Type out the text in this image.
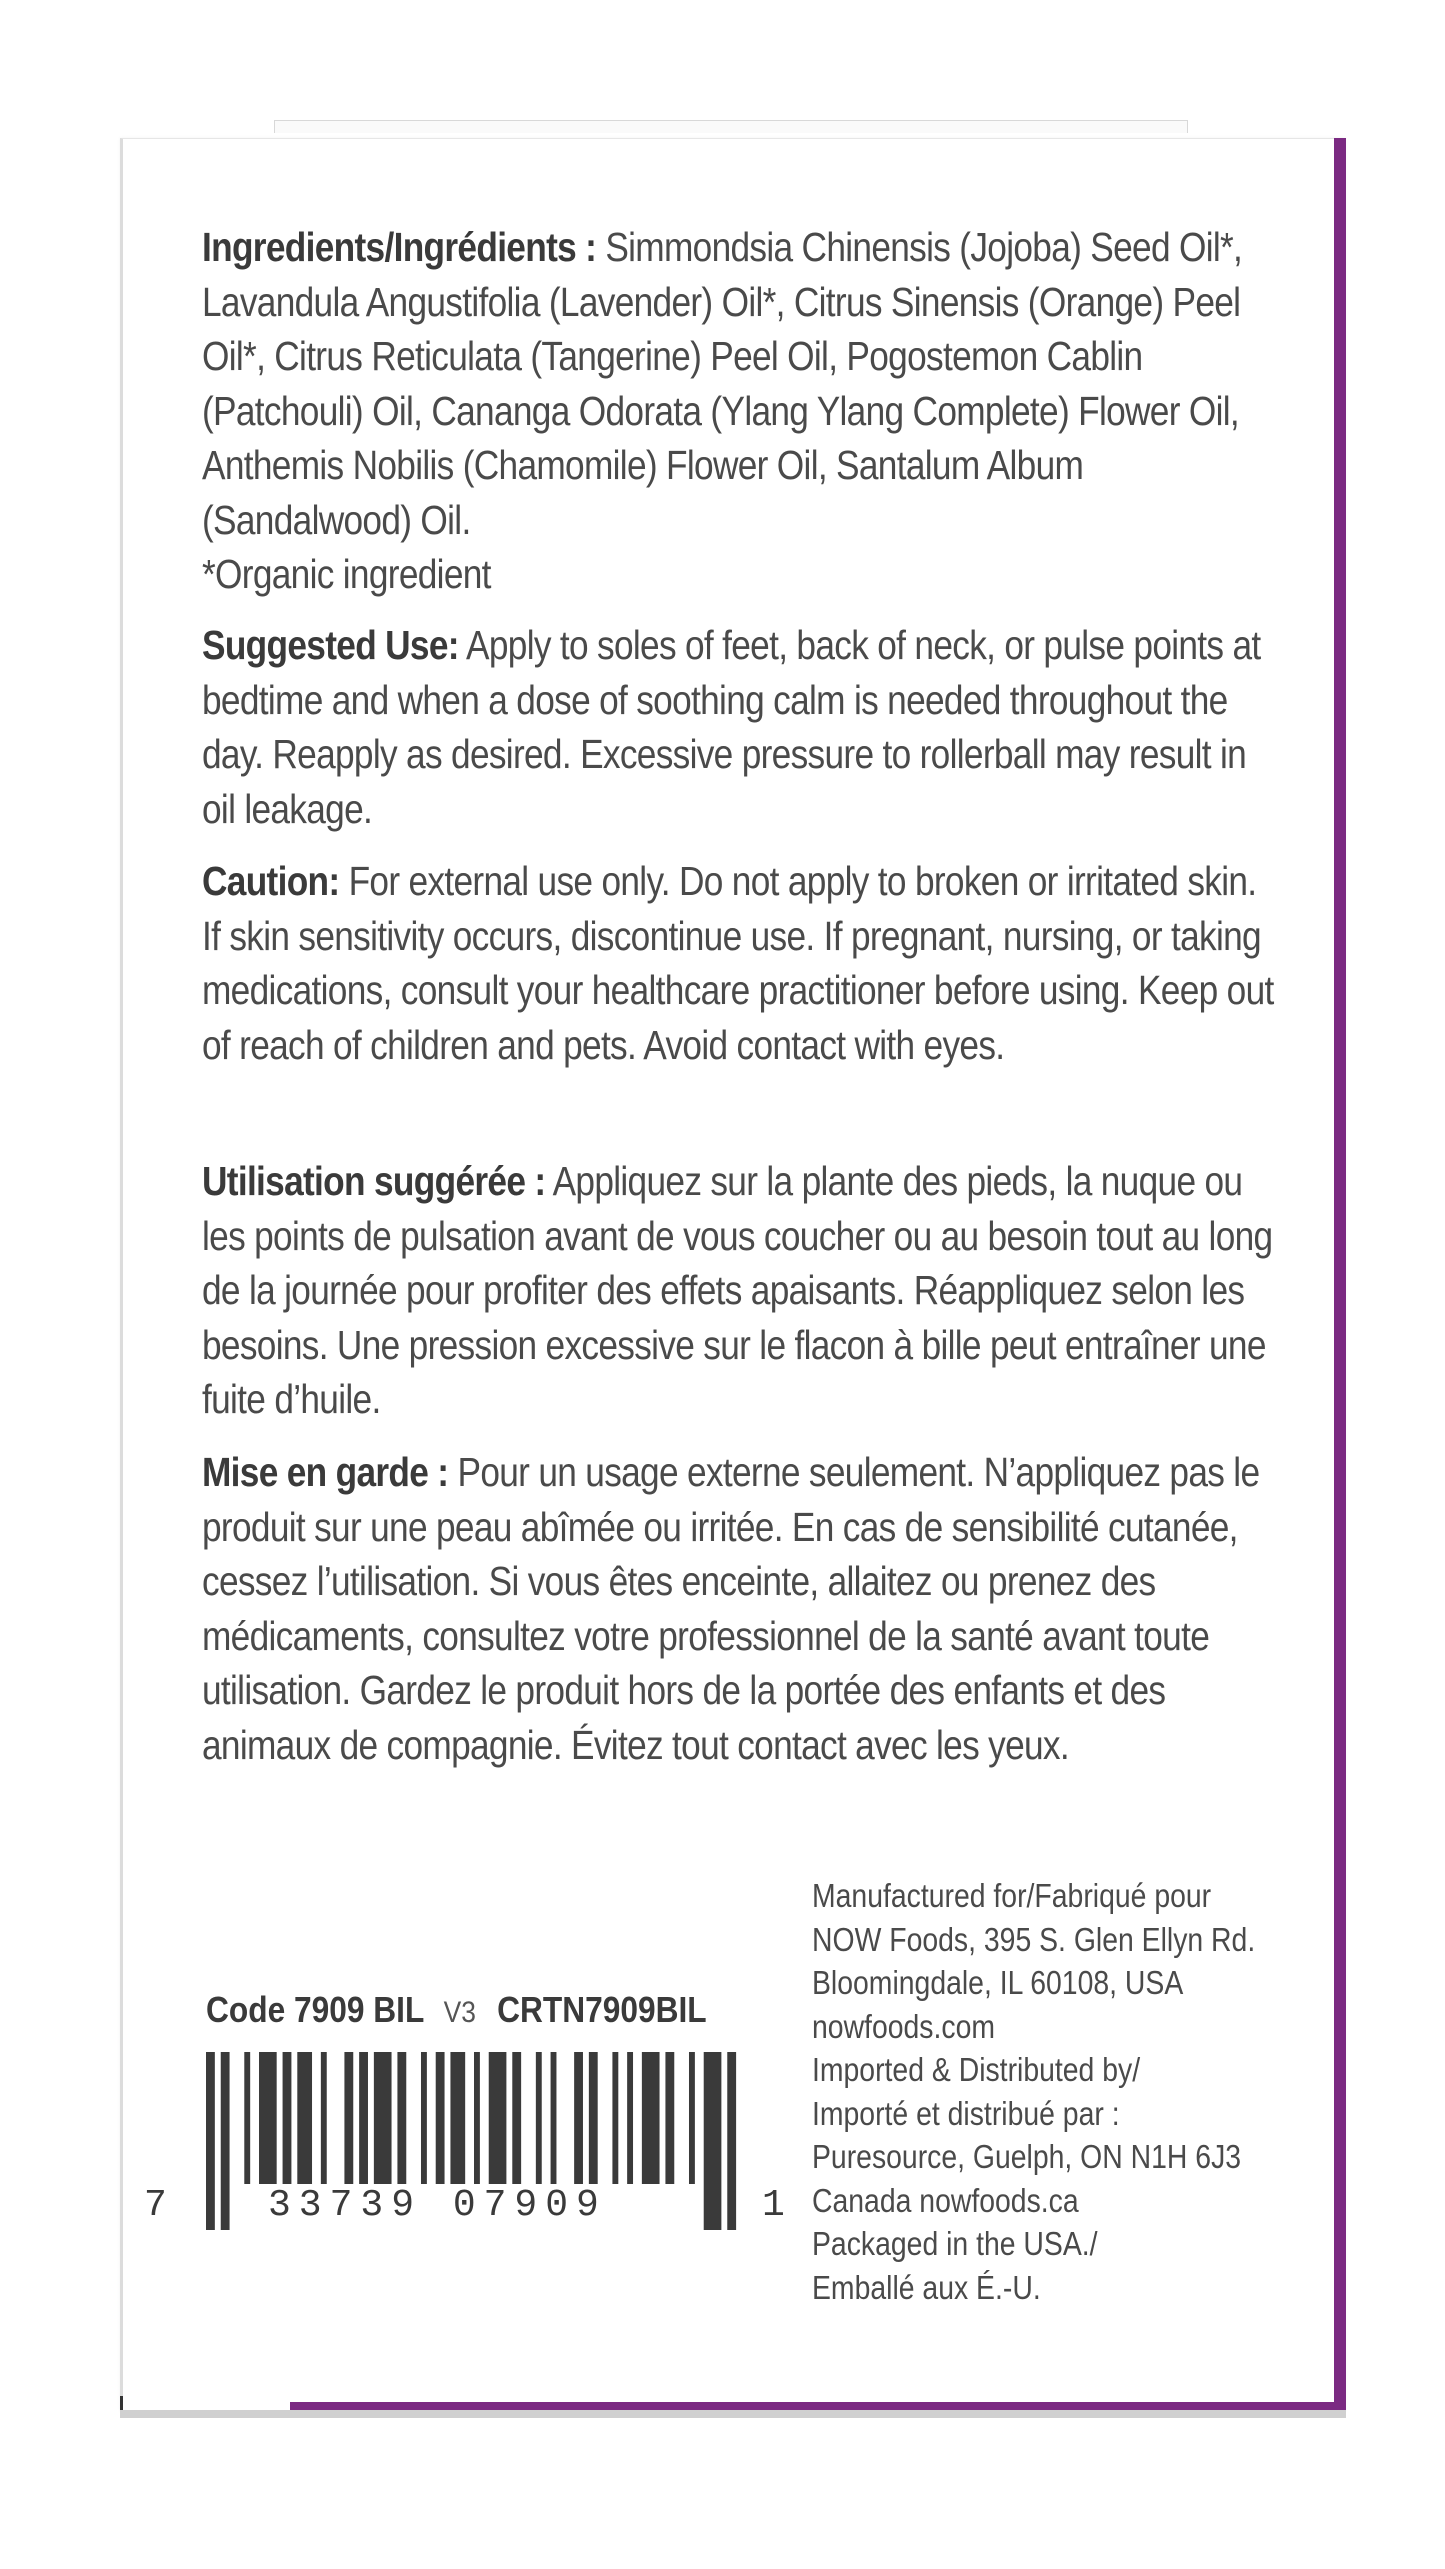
Ingredients/Ingrédients : Simmondsia Chinensis (Jojoba) Seed Oil*, Lavandula Angustifolia (Lavender) Oil*, Citrus Sinensis (Orange) Peel Oil*, Citrus Reticulata (Tangerine) Peel Oil, Pogostemon Cablin (Patchouli) Oil, Cananga Odorata (Ylang Ylang Complete) Flower Oil, Anthemis Nobilis (Chamomile) Flower Oil, Santalum Album (Sandalwood) Oil.
*Organic ingredient
Suggested Use: Apply to soles of feet, back of neck, or pulse points at bedtime and when a dose of soothing calm is needed throughout the day. Reapply as desired. Excessive pressure to rollerball may result in oil leakage.
Caution: For external use only. Do not apply to broken or irritated skin. If skin sensitivity occurs, discontinue use. If pregnant, nursing, or taking medications, consult your healthcare practitioner before using. Keep out of reach of children and pets. Avoid contact with eyes.
Utilisation suggérée : Appliquez sur la plante des pieds, la nuque ou les points de pulsation avant de vous coucher ou au besoin tout au long de la journée pour profiter des effets apaisants. Réappliquez selon les besoins. Une pression excessive sur le flacon à bille peut entraîner une fuite d’huile.
Mise en garde : Pour un usage externe seulement. N’appliquez pas le produit sur une peau abîmée ou irritée. En cas de sensibilité cutanée, cessez l’utilisation. Si vous êtes enceinte, allaitez ou prenez des médicaments, consultez votre professionnel de la santé avant toute utilisation. Gardez le produit hors de la portée des enfants et des animaux de compagnie. Évitez tout contact avec les yeux.
Code 7909 BIL V3 CRTN7909BIL
7	33739 07909	1
Manufactured for/Fabriqué pour
NOW Foods, 395 S. Glen Ellyn Rd.
Bloomingdale, IL 60108, USA
nowfoods.com
Imported & Distributed by/
Importé et distribué par :
Puresource, Guelph, ON N1H 6J3
Canada nowfoods.ca
Packaged in the USA./
Emballé aux É.-U.
